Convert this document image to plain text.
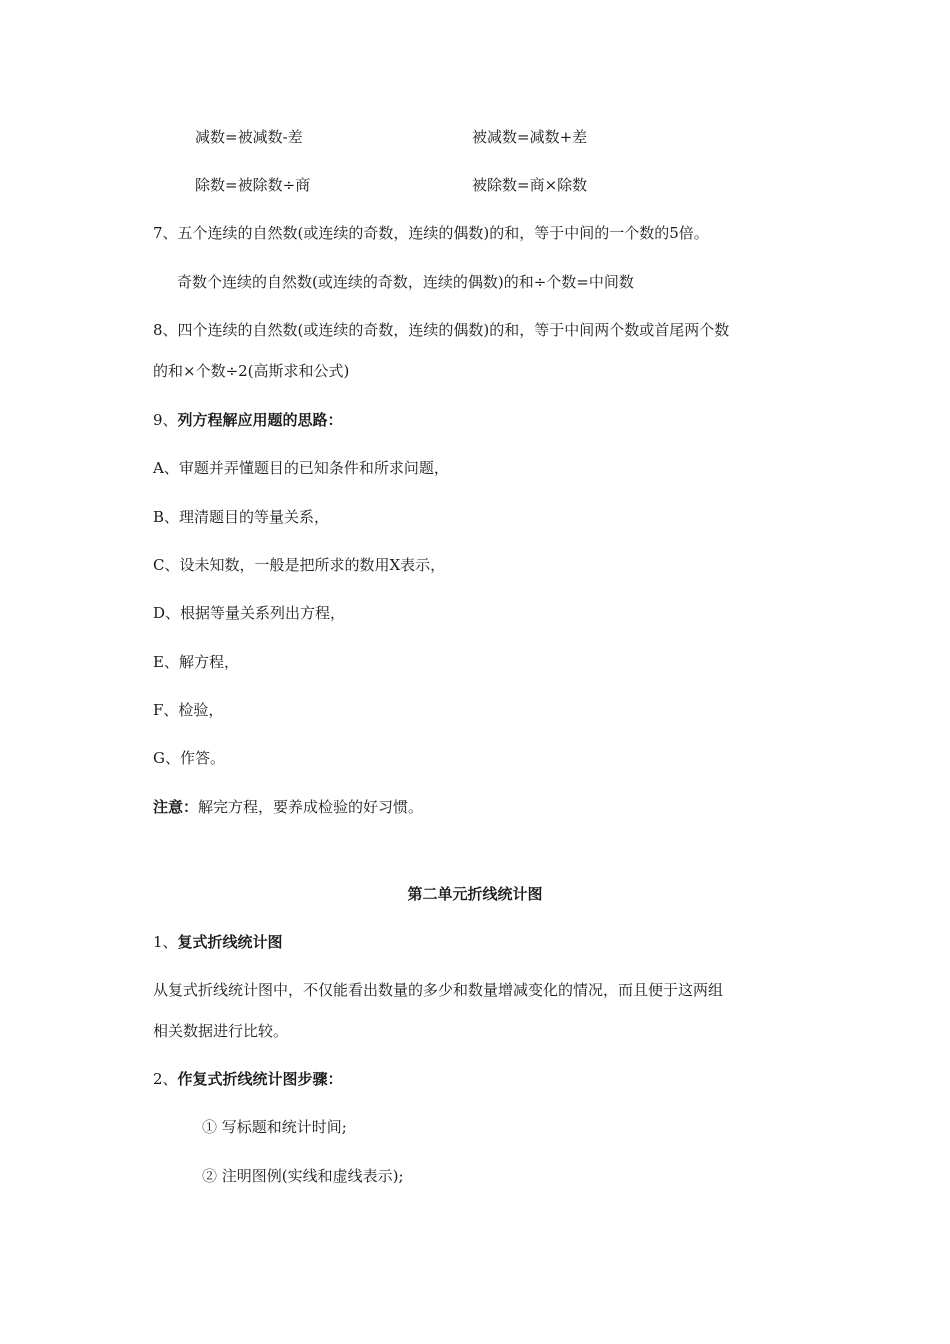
减数=被减数-差	被减数=减数+差
除数=被除数÷商	被除数=商×除数
7、五个连续的自然数(或连续的奇数，连续的偶数)的和，等于中间的一个数的5倍。
奇数个连续的自然数(或连续的奇数，连续的偶数)的和÷个数=中间数
8、四个连续的自然数(或连续的奇数，连续的偶数)的和，等于中间两个数或首尾两个数
的和×个数÷2(高斯求和公式)
9、列方程解应用题的思路：
A、审题并弄懂题目的已知条件和所求问题，
B、理清题目的等量关系，
C、设未知数，一般是把所求的数用X表示，
D、根据等量关系列出方程，
E、解方程，
F、检验，
G、作答。
注意：解完方程，要养成检验的好习惯。
第二单元折线统计图
1、复式折线统计图
从复式折线统计图中，不仅能看出数量的多少和数量增减变化的情况，而且便于这两组
相关数据进行比较。
2、作复式折线统计图步骤：
① 写标题和统计时间;
② 注明图例(实线和虚线表示);
